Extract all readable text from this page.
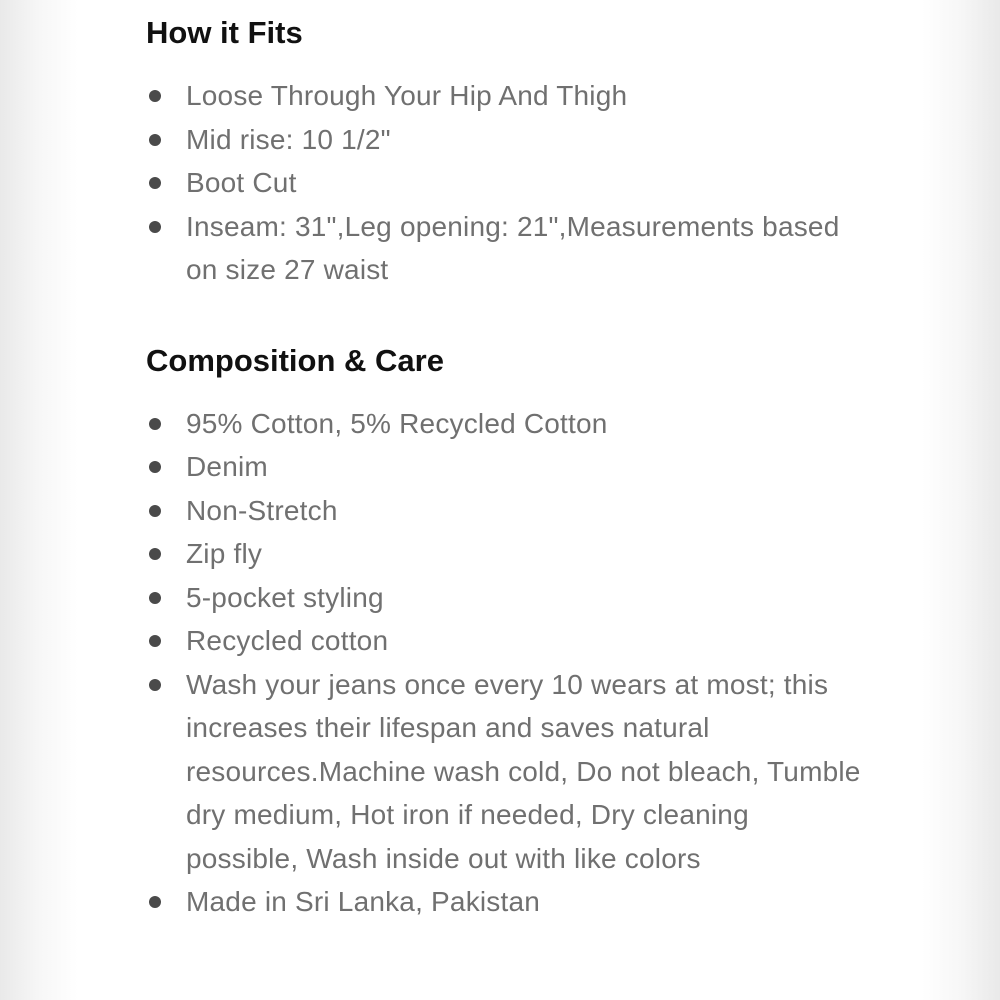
How it Fits
Loose Through Your Hip And Thigh
Mid rise: 10 1/2"
Boot Cut
Inseam: 31",Leg opening: 21",Measurements based on size 27 waist
Composition & Care
95% Cotton, 5% Recycled Cotton
Denim
Non-Stretch
Zip fly
5-pocket styling
Recycled cotton
Wash your jeans once every 10 wears at most; this increases their lifespan and saves natural resources.Machine wash cold, Do not bleach, Tumble dry medium, Hot iron if needed, Dry cleaning possible, Wash inside out with like colors
Made in Sri Lanka, Pakistan
